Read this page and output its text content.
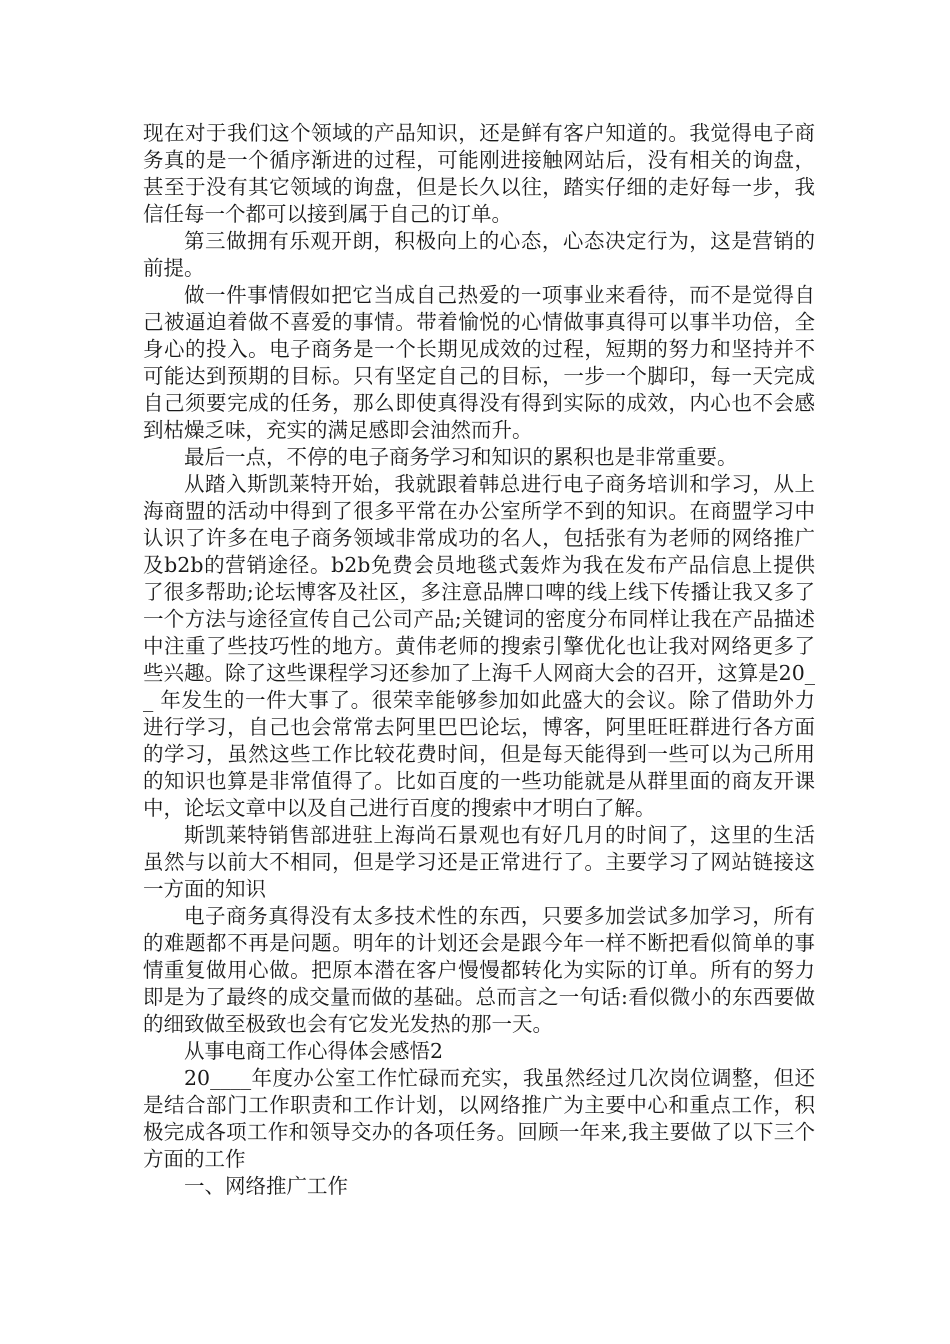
现在对于我们这个领域的产品知识，还是鲜有客户知道的。我觉得电子商务真的是一个循序渐进的过程，可能刚进接触网站后，没有相关的询盘，甚至于没有其它领域的询盘，但是长久以往，踏实仔细的走好每一步，我信任每一个都可以接到属于自己的订单。

第三做拥有乐观开朗，积极向上的心态，心态决定行为，这是营销的前提。

做一件事情假如把它当成自己热爱的一项事业来看待，而不是觉得自己被逼迫着做不喜爱的事情。带着愉悦的心情做事真得可以事半功倍，全身心的投入。电子商务是一个长期见成效的过程，短期的努力和坚持并不可能达到预期的目标。只有坚定自己的目标，一步一个脚印，每一天完成自己须要完成的任务，那么即使真得没有得到实际的成效，内心也不会感到枯燥乏味，充实的满足感即会油然而升。

最后一点，不停的电子商务学习和知识的累积也是非常重要。

从踏入斯凯莱特开始，我就跟着韩总进行电子商务培训和学习，从上海商盟的活动中得到了很多平常在办公室所学不到的知识。在商盟学习中认识了许多在电子商务领域非常成功的名人，包括张有为老师的网络推广及b2b的营销途径。b2b免费会员地毯式轰炸为我在发布产品信息上提供了很多帮助;论坛博客及社区，多注意品牌口啤的线上线下传播让我又多了一个方法与途径宣传自己公司产品;关键词的密度分布同样让我在产品描述中注重了些技巧性的地方。黄伟老师的搜索引擎优化也让我对网络更多了些兴趣。除了这些课程学习还参加了上海千人网商大会的召开，这算是20__ 年发生的一件大事了。很荣幸能够参加如此盛大的会议。除了借助外力进行学习，自己也会常常去阿里巴巴论坛，博客，阿里旺旺群进行各方面的学习，虽然这些工作比较花费时间，但是每天能得到一些可以为己所用的知识也算是非常值得了。比如百度的一些功能就是从群里面的商友开课中，论坛文章中以及自己进行百度的搜索中才明白了解。

斯凯莱特销售部进驻上海尚石景观也有好几月的时间了，这里的生活虽然与以前大不相同，但是学习还是正常进行了。主要学习了网站链接这一方面的知识

电子商务真得没有太多技术性的东西，只要多加尝试多加学习，所有的难题都不再是问题。明年的计划还会是跟今年一样不断把看似简单的事情重复做用心做。把原本潜在客户慢慢都转化为实际的订单。所有的努力即是为了最终的成交量而做的基础。总而言之一句话:看似微小的东西要做的细致做至极致也会有它发光发热的那一天。

从事电商工作心得体会感悟2

20____年度办公室工作忙碌而充实，我虽然经过几次岗位调整，但还是结合部门工作职责和工作计划，以网络推广为主要中心和重点工作，积极完成各项工作和领导交办的各项任务。回顾一年来,我主要做了以下三个方面的工作

一、网络推广工作
